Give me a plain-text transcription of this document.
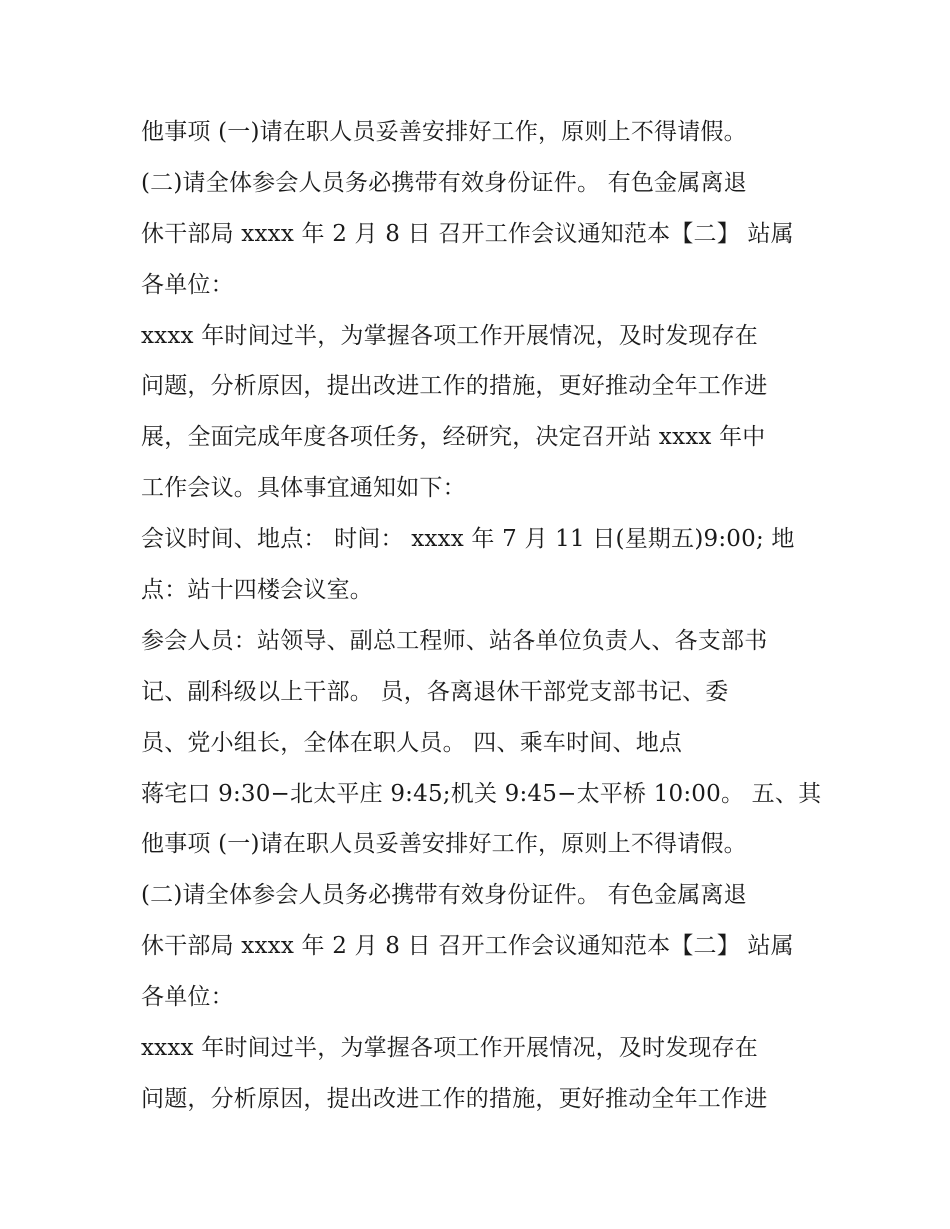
他事项 (一)请在职人员妥善安排好工作，原则上不得请假。
(二)请全体参会人员务必携带有效身份证件。 有色金属离退
休干部局 xxxx 年 2 月 8 日 召开工作会议通知范本【二】 站属
各单位：
xxxx 年时间过半，为掌握各项工作开展情况，及时发现存在
问题，分析原因，提出改进工作的措施，更好推动全年工作进
展，全面完成年度各项任务，经研究，决定召开站 xxxx 年中
工作会议。具体事宜通知如下：
会议时间、地点： 时间： xxxx 年 7 月 11 日(星期五)9:00; 地
点：站十四楼会议室。
参会人员：站领导、副总工程师、站各单位负责人、各支部书
记、副科级以上干部。 员，各离退休干部党支部书记、委
员、党小组长，全体在职人员。 四、乘车时间、地点
蒋宅口 9:30−北太平庄 9:45;机关 9:45−太平桥 10:00。 五、其
他事项 (一)请在职人员妥善安排好工作，原则上不得请假。
(二)请全体参会人员务必携带有效身份证件。 有色金属离退
休干部局 xxxx 年 2 月 8 日 召开工作会议通知范本【二】 站属
各单位：
xxxx 年时间过半，为掌握各项工作开展情况，及时发现存在
问题，分析原因，提出改进工作的措施，更好推动全年工作进
